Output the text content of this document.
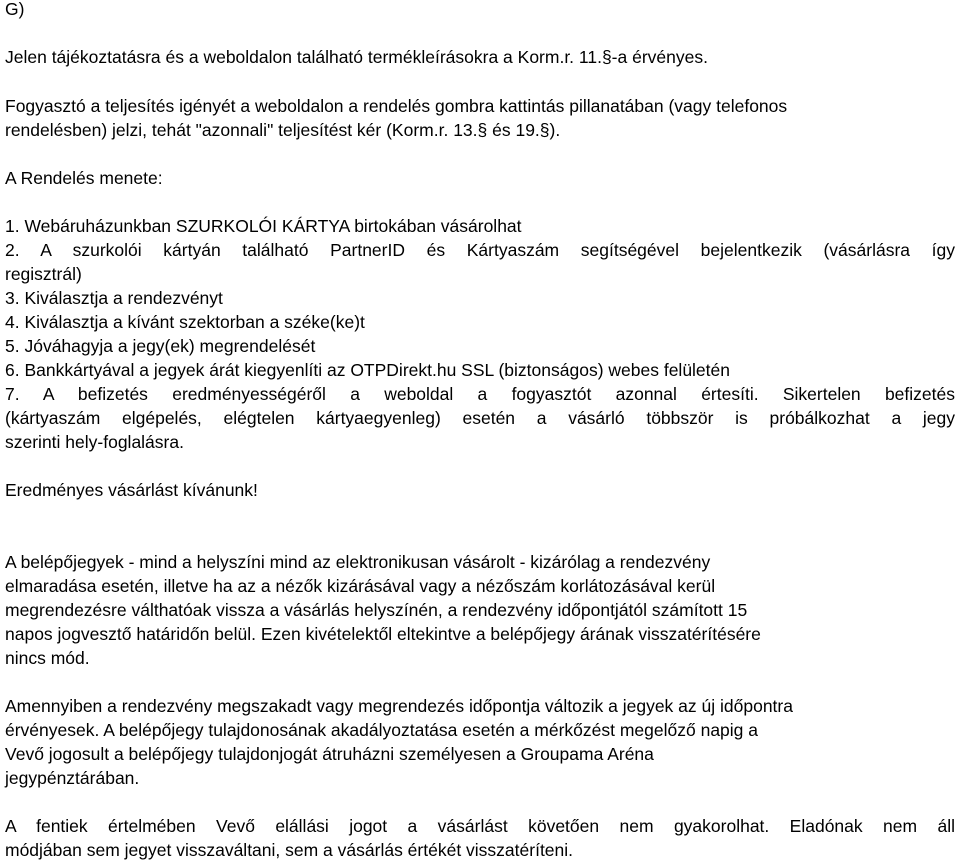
G)
Jelen tájékoztatásra és a weboldalon található termékleírásokra a Korm.r. 11.§-a érvényes.
Fogyasztó a teljesítés igényét a weboldalon a rendelés gombra kattintás pillanatában (vagy telefonos
rendelésben) jelzi, tehát "azonnali" teljesítést kér (Korm.r. 13.§ és 19.§).
A Rendelés menete:
1. Webáruházunkban SZURKOLÓI KÁRTYA birtokában vásárolhat
2. A szurkolói kártyán található PartnerID és Kártyaszám segítségével bejelentkezik (vásárlásra így
regisztrál)
3. Kiválasztja a rendezvényt
4. Kiválasztja a kívánt szektorban a széke(ke)t
5. Jóváhagyja a jegy(ek) megrendelését
6. Bankkártyával a jegyek árát kiegyenlíti az OTPDirekt.hu SSL (biztonságos) webes felületén
7. A befizetés eredményességéről a weboldal a fogyasztót azonnal értesíti. Sikertelen befizetés
(kártyaszám elgépelés, elégtelen kártyaegyenleg) esetén a vásárló többször is próbálkozhat a jegy
szerinti hely-foglalásra.
Eredményes vásárlást kívánunk!
A belépőjegyek - mind a helyszíni mind az elektronikusan vásárolt - kizárólag a rendezvény
elmaradása esetén, illetve ha az a nézők kizárásával vagy a nézőszám korlátozásával kerül
megrendezésre válthatóak vissza a vásárlás helyszínén, a rendezvény időpontjától számított 15
napos jogvesztő határidőn belül. Ezen kivételektől eltekintve a belépőjegy árának visszatérítésére
nincs mód.
Amennyiben a rendezvény megszakadt vagy megrendezés időpontja változik a jegyek az új időpontra
érvényesek. A belépőjegy tulajdonosának akadályoztatása esetén a mérkőzést megelőző napig a
Vevő jogosult a belépőjegy tulajdonjogát átruházni személyesen a Groupama Aréna
jegypénztárában.
A fentiek értelmében Vevő elállási jogot a vásárlást követően nem gyakorolhat. Eladónak nem áll
módjában sem jegyet visszaváltani, sem a vásárlás értékét visszatéríteni.
